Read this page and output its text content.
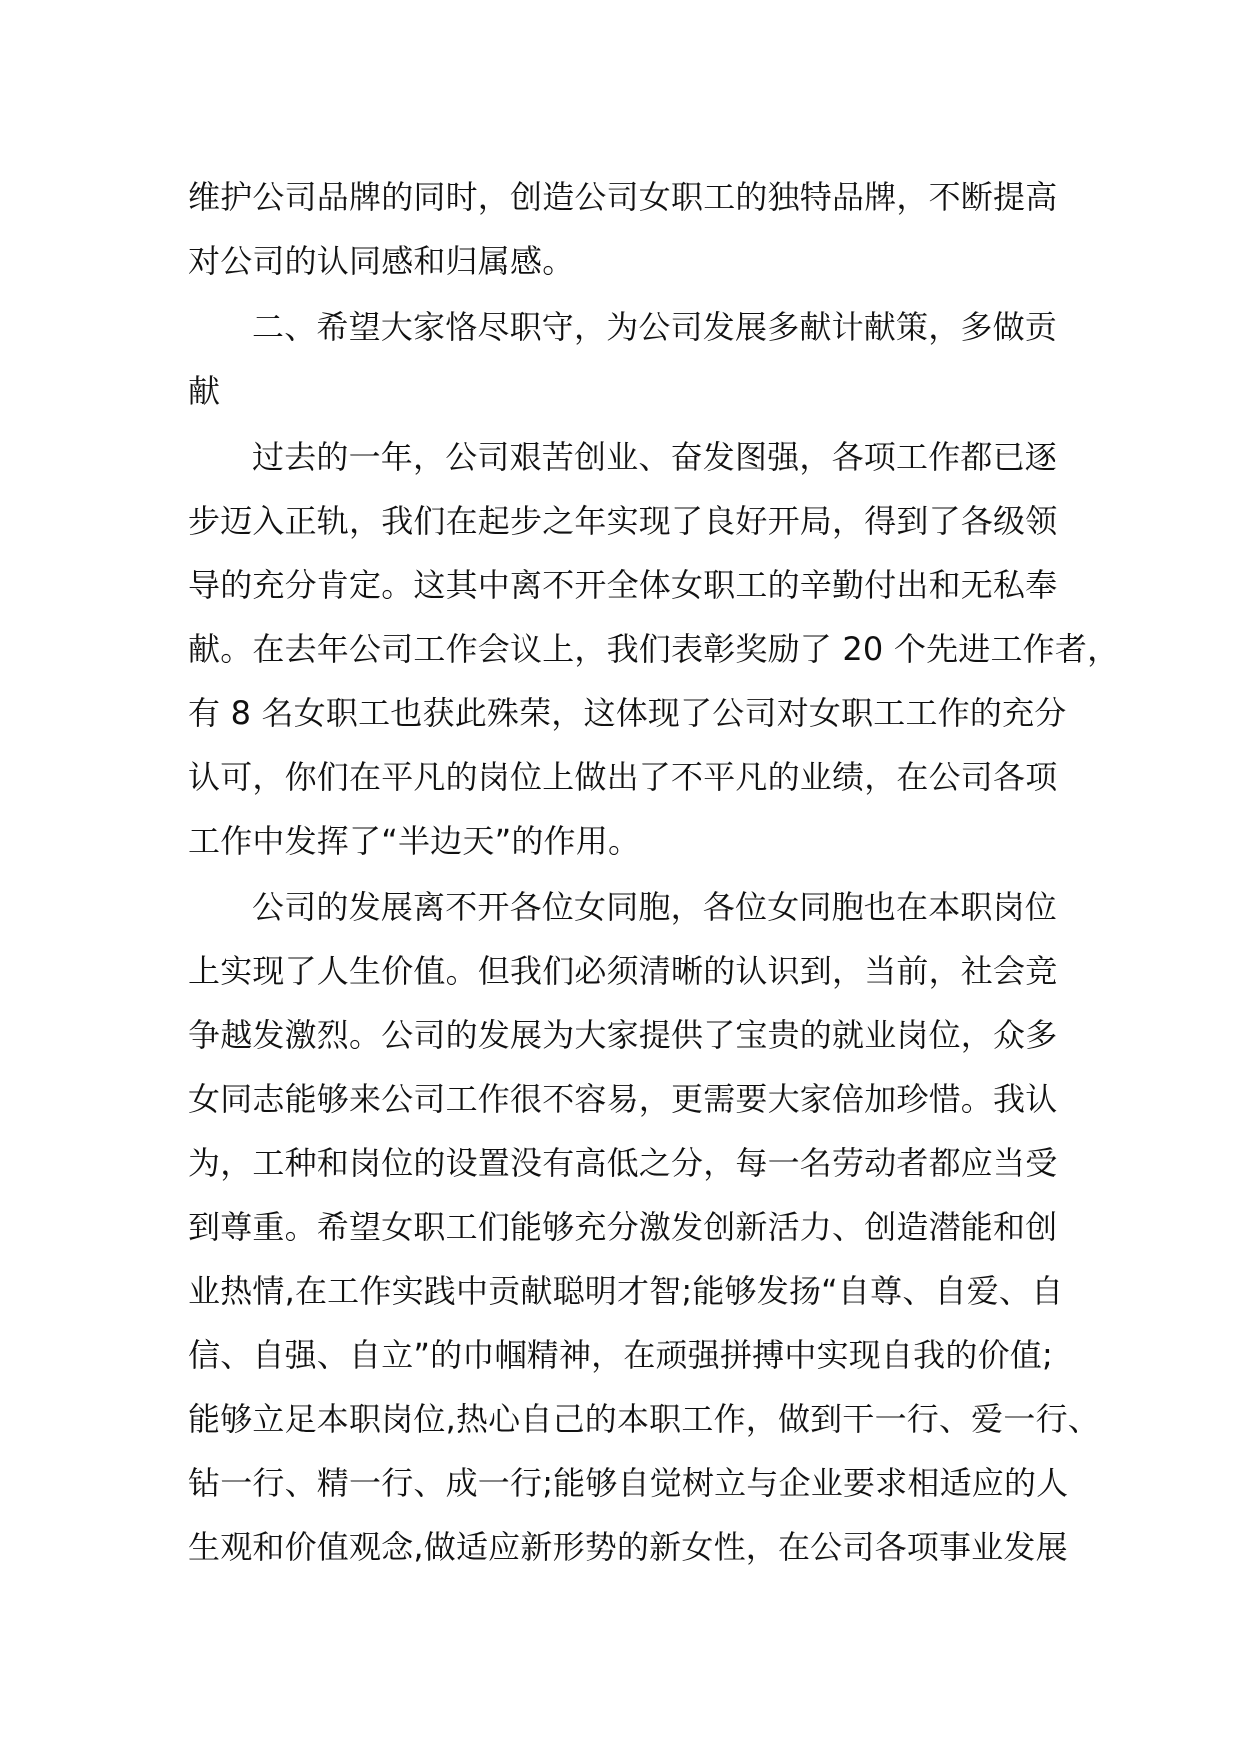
维护公司品牌的同时，创造公司女职工的独特品牌，不断提高
对公司的认同感和归属感。
二、希望大家恪尽职守，为公司发展多献计献策，多做贡
献
过去的一年，公司艰苦创业、奋发图强，各项工作都已逐
步迈入正轨，我们在起步之年实现了良好开局，得到了各级领
导的充分肯定。这其中离不开全体女职工的辛勤付出和无私奉
献。在去年公司工作会议上，我们表彰奖励了 20 个先进工作者，
有 8 名女职工也获此殊荣，这体现了公司对女职工工作的充分
认可，你们在平凡的岗位上做出了不平凡的业绩，在公司各项
工作中发挥了“半边天”的作用。
公司的发展离不开各位女同胞，各位女同胞也在本职岗位
上实现了人生价值。但我们必须清晰的认识到，当前，社会竞
争越发激烈。公司的发展为大家提供了宝贵的就业岗位，众多
女同志能够来公司工作很不容易，更需要大家倍加珍惜。我认
为，工种和岗位的设置没有高低之分，每一名劳动者都应当受
到尊重。希望女职工们能够充分激发创新活力、创造潜能和创
业热情,在工作实践中贡献聪明才智;能够发扬“自尊、自爱、自
信、自强、自立”的巾帼精神，在顽强拼搏中实现自我的价值;
能够立足本职岗位,热心自己的本职工作，做到干一行、爱一行、
钻一行、精一行、成一行;能够自觉树立与企业要求相适应的人
生观和价值观念,做适应新形势的新女性，在公司各项事业发展
